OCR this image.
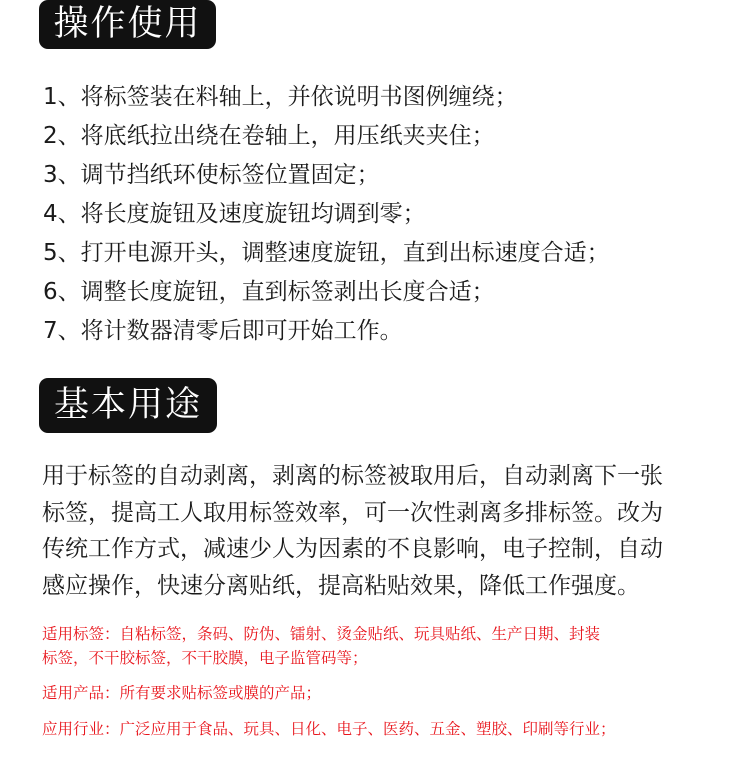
操作使用
1、将标签装在料轴上，并依说明书图例缠绕；
2、将底纸拉出绕在卷轴上，用压纸夹夹住；
3、调节挡纸环使标签位置固定；
4、将长度旋钮及速度旋钮均调到零；
5、打开电源开头，调整速度旋钮，直到出标速度合适；
6、调整长度旋钮，直到标签剥出长度合适；
7、将计数器清零后即可开始工作。
基本用途
用于标签的自动剥离，剥离的标签被取用后，自动剥离下一张
标签，提高工人取用标签效率，可一次性剥离多排标签。改为
传统工作方式，减速少人为因素的不良影响，电子控制，自动
感应操作，快速分离贴纸，提高粘贴效果，降低工作强度。
适用标签：自粘标签，条码、防伪、镭射、烫金贴纸、玩具贴纸、生产日期、封装
标签，不干胶标签，不干胶膜，电子监管码等；
适用产品：所有要求贴标签或膜的产品；
应用行业：广泛应用于食品、玩具、日化、电子、医药、五金、塑胶、印刷等行业；
